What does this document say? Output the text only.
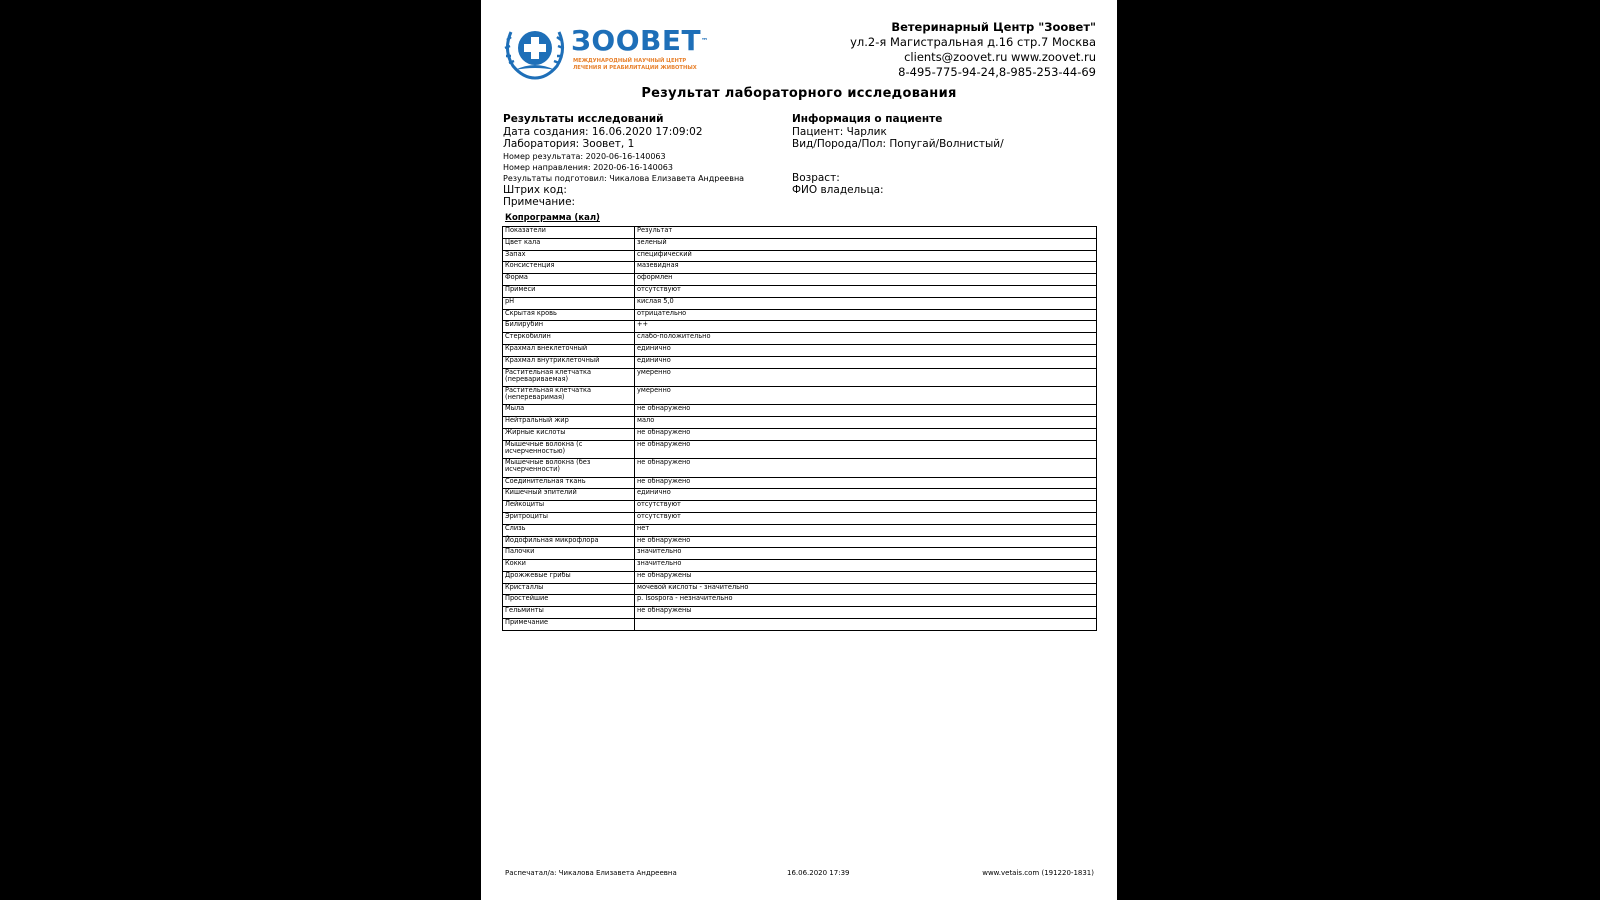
ЗООВЕТ™
МЕЖДУНАРОДНЫЙ НАУЧНЫЙ ЦЕНТР
ЛЕЧЕНИЯ И РЕАБИЛИТАЦИИ ЖИВОТНЫХ
Ветеринарный Центр "Зоовет"
ул.2-я Магистральная д.16 стр.7 Москва
clients@zoovet.ru www.zoovet.ru
8-495-775-94-24,8-985-253-44-69
Результат лабораторного исследования
Результаты исследований
Дата создания: 16.06.2020 17:09:02
Лаборатория: Зоовет, 1
Номер результата: 2020-06-16-140063
Номер направления: 2020-06-16-140063
Результаты подготовил: Чикалова Елизавета Андреевна
Штрих код:
Примечание:
Информация о пациенте
Пациент: Чарлик
Вид/Порода/Пол: Попугай/Волнистый/
Возраст:
ФИО владельца:
Копрограмма (кал)
Показатели	Результат
Цвет кала	зеленый
Запах	специфический
Консистенция	мазевидная
Форма	оформлен
Примеси	отсутствуют
pH	кислая 5,0
Скрытая кровь	отрицательно
Билирубин	++
Стеркобилин	слабо-положительно
Крахмал внеклеточный	единично
Крахмал внутриклеточный	единично
Растительная клетчатка (перевариваемая)	умеренно
Растительная клетчатка (непереваримая)	умеренно
Мыла	не обнаружено
Нейтральный жир	мало
Жирные кислоты	не обнаружено
Мышечные волокна (с исчерченностью)	не обнаружено
Мышечные волокна (без исчерченности)	не обнаружено
Соединительная ткань	не обнаружено
Кишечный эпителий	единично
Лейкоциты	отсутствуют
Эритроциты	отсутствуют
Слизь	нет
Йодофильная микрофлора	не обнаружено
Палочки	значительно
Кокки	значительно
Дрожжевые грибы	не обнаружены
Кристаллы	мочевой кислоты - значительно
Простейшие	p. Isospora - незначительно
Гельминты	не обнаружены
Примечание	
Распечатал/а: Чикалова Елизавета Андреевна	16.06.2020 17:39	www.vetais.com (191220-1831)
